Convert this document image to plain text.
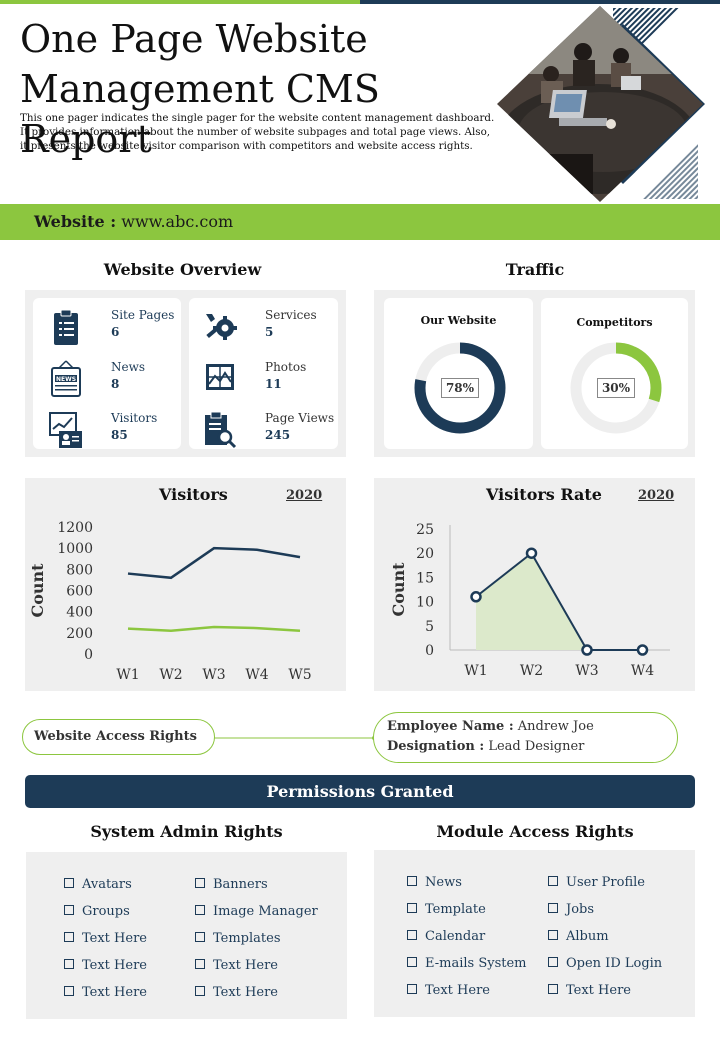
One Page Website
Management CMS Report
This one pager indicates the single pager for the website content management dashboard. It provides information about the number of website subpages and total page views. Also, it presents the website visitor comparison with competitors and website access rights.
Website : www.abc.com
Website Overview	Traffic
Site Pages
6
NEWS
News
8
Visitors
85
Services
5
Photos
11
Page Views
245
Our Website
78%
Competitors
30%
Visitors	2020
Count
0
200
400
600
800
1000
1200
W1 W2 W3 W4 W5
Visitors Rate	2020
Count
0
5
10
15
20
25
W1 W2 W3 W4
Website Access Rights
Employee Name : Andrew Joe
Designation : Lead Designer
Permissions Granted
System Admin Rights	Module Access Rights
Avatars
Groups
Text Here
Text Here
Text Here
Banners
Image Manager
Templates
Text Here
Text Here
News
Template
Calendar
E-mails System
Text Here
User Profile
Jobs
Album
Open ID Login
Text Here
